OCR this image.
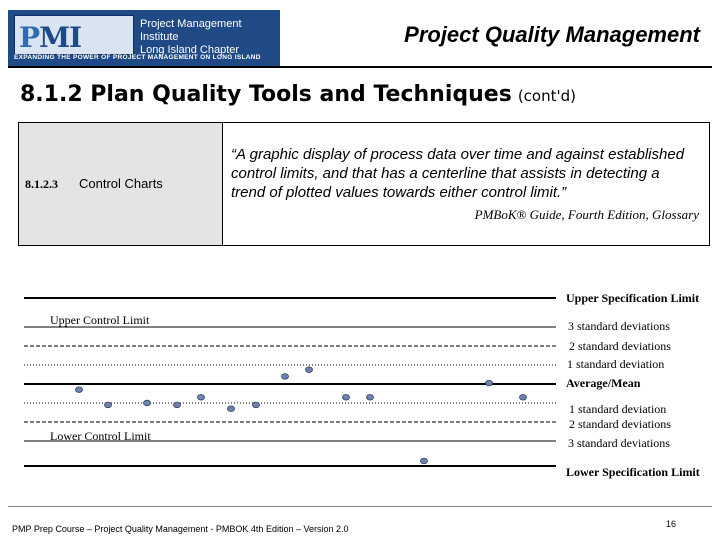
PMI	Project Management Institute
Long Island Chapter
EXPANDING THE POWER OF PROJECT MANAGEMENT ON LONG ISLAND
Project Quality Management
8.1.2 Plan Quality Tools and Techniques (cont'd)
8.1.2.3 Control Charts
“A graphic display of process data over time and against established control limits, and that has a centerline that assists in detecting a trend of plotted values towards either control limit.”
PMBoK® Guide, Fourth Edition, Glossary
Upper Specification Limit
3 standard deviations
2 standard deviations
1 standard deviation
Average/Mean
1 standard deviation
2 standard deviations
3 standard deviations
Lower Specification Limit
Upper Control Limit
Lower Control Limit
PMP Prep Course – Project Quality Management - PMBOK 4th Edition – Version 2.0	16
